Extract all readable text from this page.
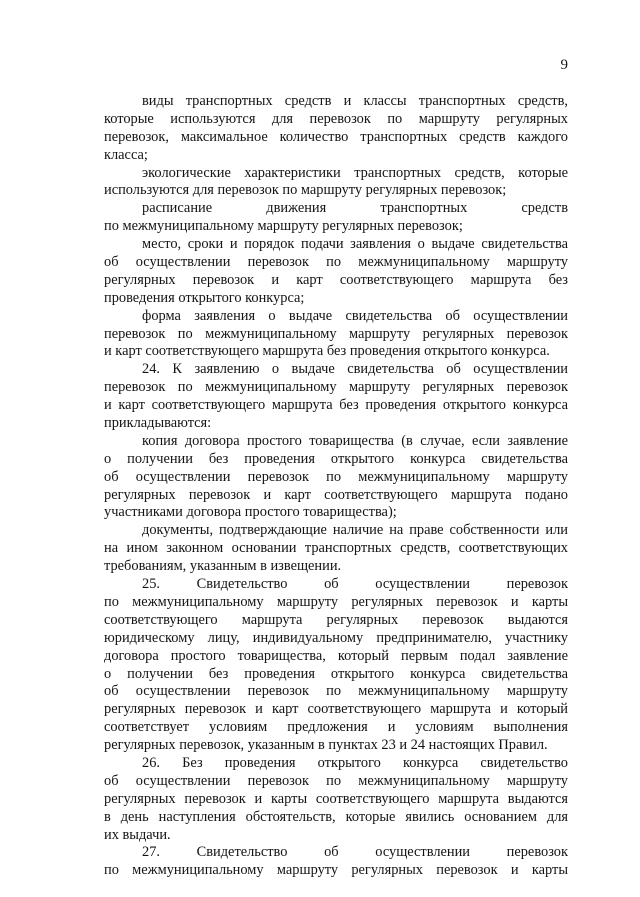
9
виды транспортных средств и классы транспортных средств,
которые используются для перевозок по маршруту регулярных
перевозок, максимальное количество транспортных средств каждого
класса;
экологические характеристики транспортных средств, которые
используются для перевозок по маршруту регулярных перевозок;
расписание движения транспортных средств
по межмуниципальному маршруту регулярных перевозок;
место, сроки и порядок подачи заявления о выдаче свидетельства
об осуществлении перевозок по межмуниципальному маршруту
регулярных перевозок и карт соответствующего маршрута без
проведения открытого конкурса;
форма заявления о выдаче свидетельства об осуществлении
перевозок по межмуниципальному маршруту регулярных перевозок
и карт соответствующего маршрута без проведения открытого конкурса.
24. К заявлению о выдаче свидетельства об осуществлении
перевозок по межмуниципальному маршруту регулярных перевозок
и карт соответствующего маршрута без проведения открытого конкурса
прикладываются:
копия договора простого товарищества (в случае, если заявление
о получении без проведения открытого конкурса свидетельства
об осуществлении перевозок по межмуниципальному маршруту
регулярных перевозок и карт соответствующего маршрута подано
участниками договора простого товарищества);
документы, подтверждающие наличие на праве собственности или
на ином законном основании транспортных средств, соответствующих
требованиям, указанным в извещении.
25. Свидетельство об осуществлении перевозок
по межмуниципальному маршруту регулярных перевозок и карты
соответствующего маршрута регулярных перевозок выдаются
юридическому лицу, индивидуальному предпринимателю, участнику
договора простого товарищества, который первым подал заявление
о получении без проведения открытого конкурса свидетельства
об осуществлении перевозок по межмуниципальному маршруту
регулярных перевозок и карт соответствующего маршрута и который
соответствует условиям предложения и условиям выполнения
регулярных перевозок, указанным в пунктах 23 и 24 настоящих Правил.
26. Без проведения открытого конкурса свидетельство
об осуществлении перевозок по межмуниципальному маршруту
регулярных перевозок и карты соответствующего маршрута выдаются
в день наступления обстоятельств, которые явились основанием для
их выдачи.
27. Свидетельство об осуществлении перевозок
по межмуниципальному маршруту регулярных перевозок и карты
